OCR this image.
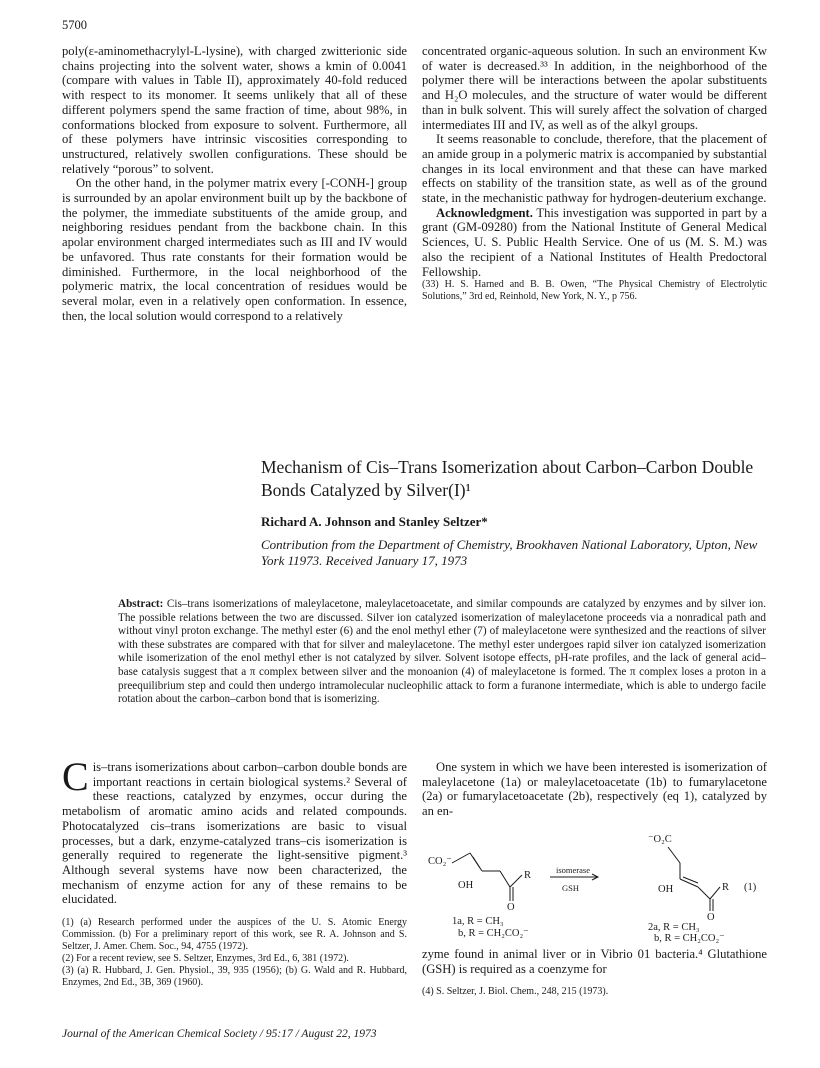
5700

poly(ε-aminomethacrylyl-L-lysine), with charged zwitterionic side chains projecting into the solvent water, shows a kmin of 0.0041 (compare with values in Table II), approximately 40-fold reduced with respect to its monomer. It seems unlikely that all of these different polymers spend the same fraction of time, about 98%, in conformations blocked from exposure to solvent. Furthermore, all of these polymers have intrinsic viscosities corresponding to unstructured, relatively swollen configurations. These should be relatively “porous” to solvent.

On the other hand, in the polymer matrix every [-CONH-] group is surrounded by an apolar environment built up by the backbone of the polymer, the immediate substituents of the amide group, and neighboring residues pendant from the backbone chain. In this apolar environment charged intermediates such as III and IV would be unfavored. Thus rate constants for their formation would be diminished. Furthermore, in the local neighborhood of the polymeric matrix, the local concentration of residues would be several molar, even in a relatively open conformation. In essence, then, the local solution would correspond to a relatively

concentrated organic-aqueous solution. In such an environment Kw of water is decreased.³³ In addition, in the neighborhood of the polymer there will be interactions between the apolar substituents and H₂O molecules, and the structure of water would be different than in bulk solvent. This will surely affect the solvation of charged intermediates III and IV, as well as of the alkyl groups.

It seems reasonable to conclude, therefore, that the placement of an amide group in a polymeric matrix is accompanied by substantial changes in its local environment and that these can have marked effects on stability of the transition state, as well as of the ground state, in the mechanistic pathway for hydrogen-deuterium exchange.

Acknowledgment. This investigation was supported in part by a grant (GM-09280) from the National Institute of General Medical Sciences, U. S. Public Health Service. One of us (M. S. M.) was also the recipient of a National Institutes of Health Predoctoral Fellowship.

(33) H. S. Harned and B. B. Owen, “The Physical Chemistry of Electrolytic Solutions,” 3rd ed, Reinhold, New York, N. Y., p 756.

Mechanism of Cis–Trans Isomerization about Carbon–Carbon Double Bonds Catalyzed by Silver(I)¹
Richard A. Johnson and Stanley Seltzer*
Contribution from the Department of Chemistry, Brookhaven National Laboratory, Upton, New York 11973. Received January 17, 1973
Abstract: Cis–trans isomerizations of maleylacetone, maleylacetoacetate, and similar compounds are catalyzed by enzymes and by silver ion. The possible relations between the two are discussed. Silver ion catalyzed isomerization of maleylacetone proceeds via a nonradical path and without vinyl proton exchange. The methyl ester (6) and the enol methyl ether (7) of maleylacetone were synthesized and the reactions of silver with these substrates are compared with that for silver and maleylacetone. The methyl ester undergoes rapid silver ion catalyzed isomerization while isomerization of the enol methyl ether is not catalyzed by silver. Solvent isotope effects, pH-rate profiles, and the lack of general acid–base catalysis suggest that a π complex between silver and the monoanion (4) of maleylacetone is formed. The π complex loses a proton in a preequilibrium step and could then undergo intramolecular nucleophilic attack to form a furanone intermediate, which is able to undergo facile rotation about the carbon–carbon bond that is isomerizing.

Cis–trans isomerizations about carbon–carbon double bonds are important reactions in certain biological systems.² Several of these reactions, catalyzed by enzymes, occur during the metabolism of aromatic amino acids and related compounds. Photocatalyzed cis–trans isomerizations are basic to visual processes, but a dark, enzyme-catalyzed trans–cis isomerization is generally required to regenerate the light-sensitive pigment.³ Although several systems have now been characterized, the mechanism of enzyme action for any of these remains to be elucidated.

(1) (a) Research performed under the auspices of the U. S. Atomic Energy Commission. (b) For a preliminary report of this work, see R. A. Johnson and S. Seltzer, J. Amer. Chem. Soc., 94, 4755 (1972).

(2) For a recent review, see S. Seltzer, Enzymes, 3rd Ed., 6, 381 (1972).

(3) (a) R. Hubbard, J. Gen. Physiol., 39, 935 (1956); (b) G. Wald and R. Hubbard, Enzymes, 2nd Ed., 3B, 369 (1960).

One system in which we have been interested is isomerization of maleylacetone (1a) or maleylacetoacetate (1b) to fumarylacetone (2a) or fumarylacetoacetate (2b), respectively (eq 1), catalyzed by an en-

CO₂⁻
OH
R
O
isomerase
GSH
⁻O₂C
OH	R
O
(1)
1a, R = CH₃
b, R = CH₂CO₂⁻
2a, R = CH₃
b, R = CH₂CO₂⁻

zyme found in animal liver or in Vibrio 01 bacteria.⁴ Glutathione (GSH) is required as a coenzyme for

(4) S. Seltzer, J. Biol. Chem., 248, 215 (1973).

Journal of the American Chemical Society / 95:17 / August 22, 1973
